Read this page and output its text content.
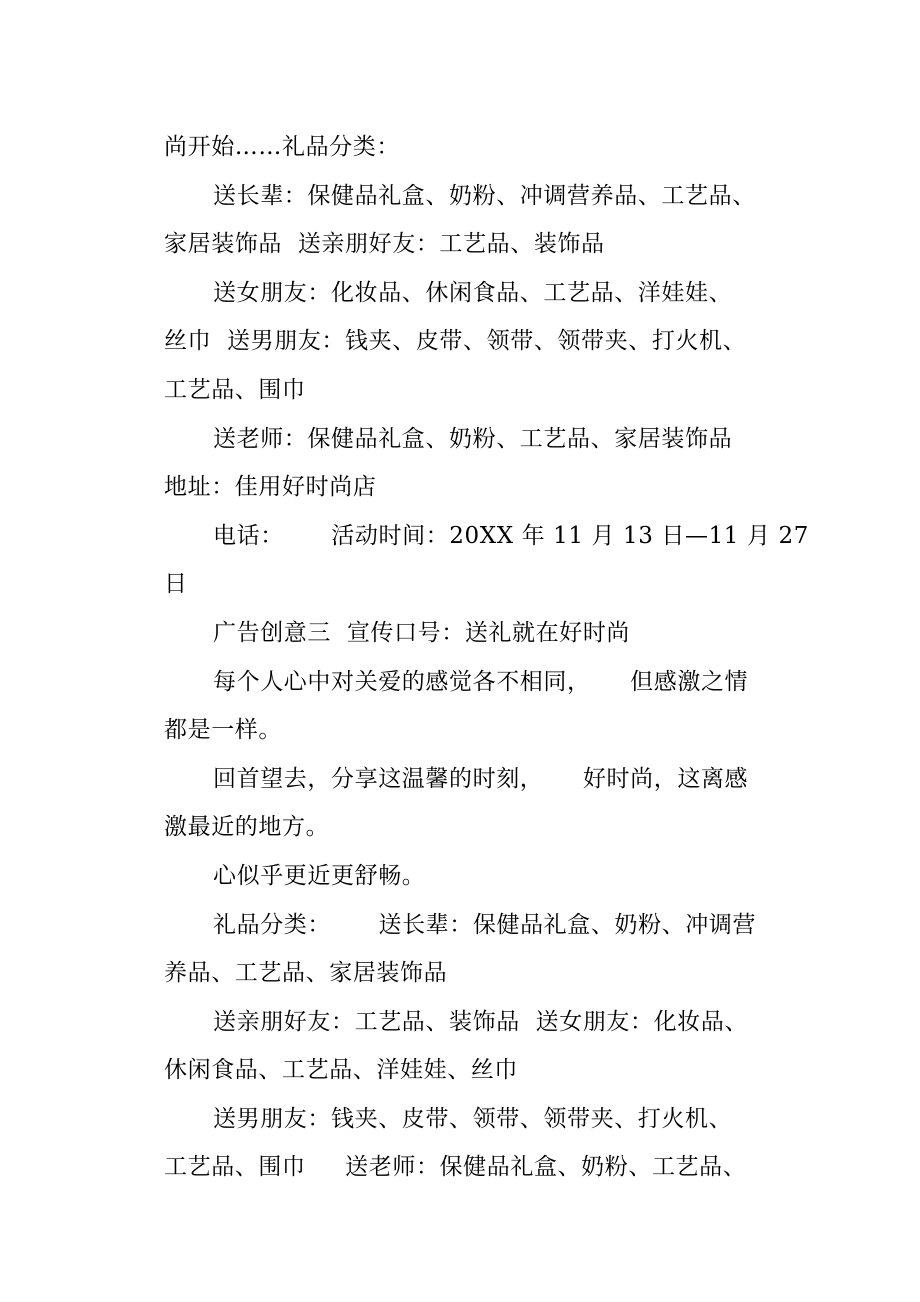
尚开始……礼品分类：

送长辈：保健品礼盒、奶粉、冲调营养品、工艺品、

家居装饰品  送亲朋好友：工艺品、装饰品

送女朋友：化妆品、休闲食品、工艺品、洋娃娃、

丝巾  送男朋友：钱夹、皮带、领带、领带夹、打火机、

工艺品、围巾

送老师：保健品礼盒、奶粉、工艺品、家居装饰品

地址：佳用好时尚店

电话：      活动时间：20XX 年 11 月 13 日—11 月 27

日

广告创意三  宣传口号：送礼就在好时尚

每个人心中对关爱的感觉各不相同，     但感激之情

都是一样。

回首望去，分享这温馨的时刻，     好时尚，这离感

激最近的地方。

心似乎更近更舒畅。

礼品分类：      送长辈：保健品礼盒、奶粉、冲调营

养品、工艺品、家居装饰品

送亲朋好友：工艺品、装饰品  送女朋友：化妆品、

休闲食品、工艺品、洋娃娃、丝巾

送男朋友：钱夹、皮带、领带、领带夹、打火机、

工艺品、围巾     送老师：保健品礼盒、奶粉、工艺品、
